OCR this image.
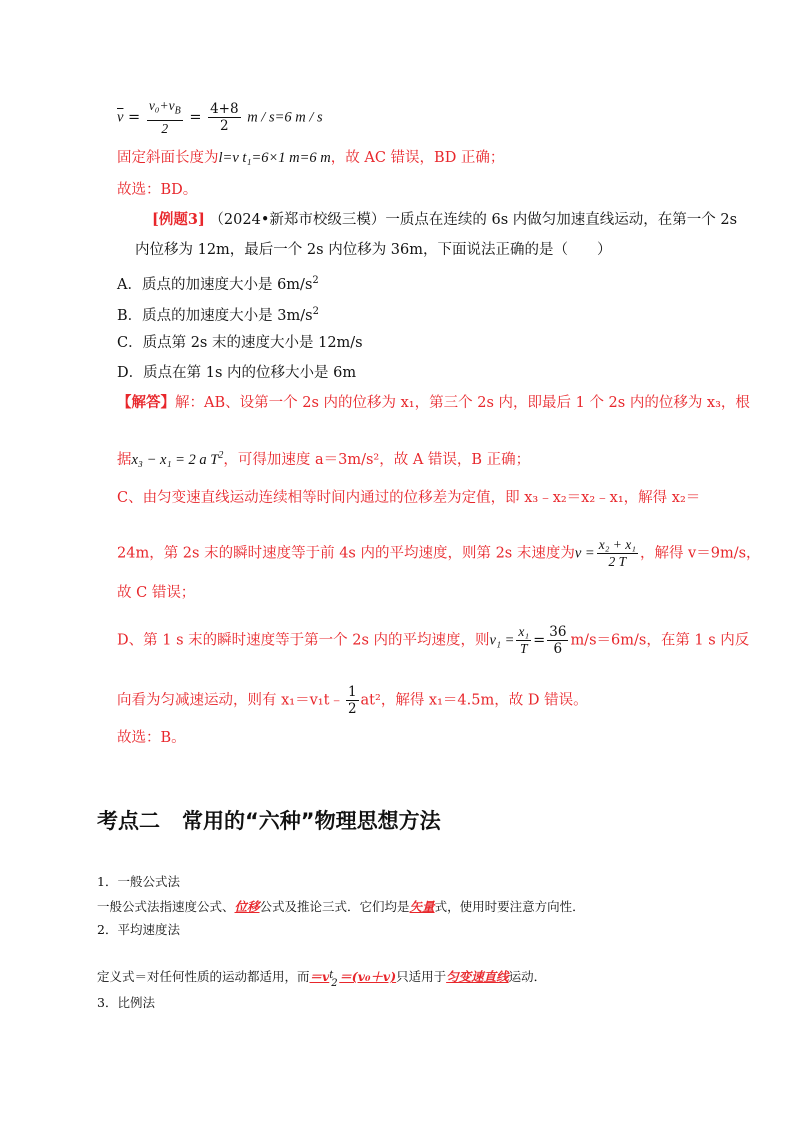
$\overline{v} = \frac{v_0+v_B}{2} = \frac{4+8}{2}$ m / s=6 m / s
固定斜面长度为l=v t₁=6×1 m=6 m，故 AC 错误，BD 正确；
故选：BD。
[例题3] （2024•新郑市校级三模）一质点在连续的 6s 内做匀加速直线运动，在第一个 2s
内位移为 12m，最后一个 2s 内位移为 36m，下面说法正确的是（　　）
A．质点的加速度大小是 $6m/s^2$
B．质点的加速度大小是 $3m/s^2$
C．质点第 2s 末的速度大小是 12m/s
D．质点在第 1s 内的位移大小是 6m
【解答】解：AB、设第一个 2s 内的位移为 x₁，第三个 2s 内，即最后 1 个 2s 内的位移为 x₃，根
据x₃ − x₁ = 2 a $T^2$，可得加速度 a＝3m/s²，故 A 错误，B 正确；
C、由匀变速直线运动连续相等时间内通过的位移差为定值，即 x₃﹣x₂＝x₂﹣x₁，解得 x₂＝
24m，第 2s 末的瞬时速度等于前 4s 内的平均速度，则第 2s 末速度为$v = \frac{\text{x₂ + x₁}}{2 T}$ ，解得 v＝9m/s，
故 C 错误；
D、第 1 s 末的瞬时速度等于第一个 2s 内的平均速度，则$v_1 = \frac{\text{x₁}}{T} = \frac{36}{6} m/s=6m/s$，在第 1 s 内反
向看为匀减速运动，则有 x₁＝v₁t﹣ $\frac{1}{2} at^2$，解得 x₁＝4.5m，故 D 错误。
故选：B。
考点二 常用的“六种”物理思想方法
1．一般公式法
一般公式法指速度公式、位移公式及推论三式．它们均是矢量式，使用时要注意方向性．
2．平均速度法
定义式＝对任何性质的运动都适用，而＝v t
2 ＝(v₀＋v)只适用于匀变速直线运动．
3．比例法
